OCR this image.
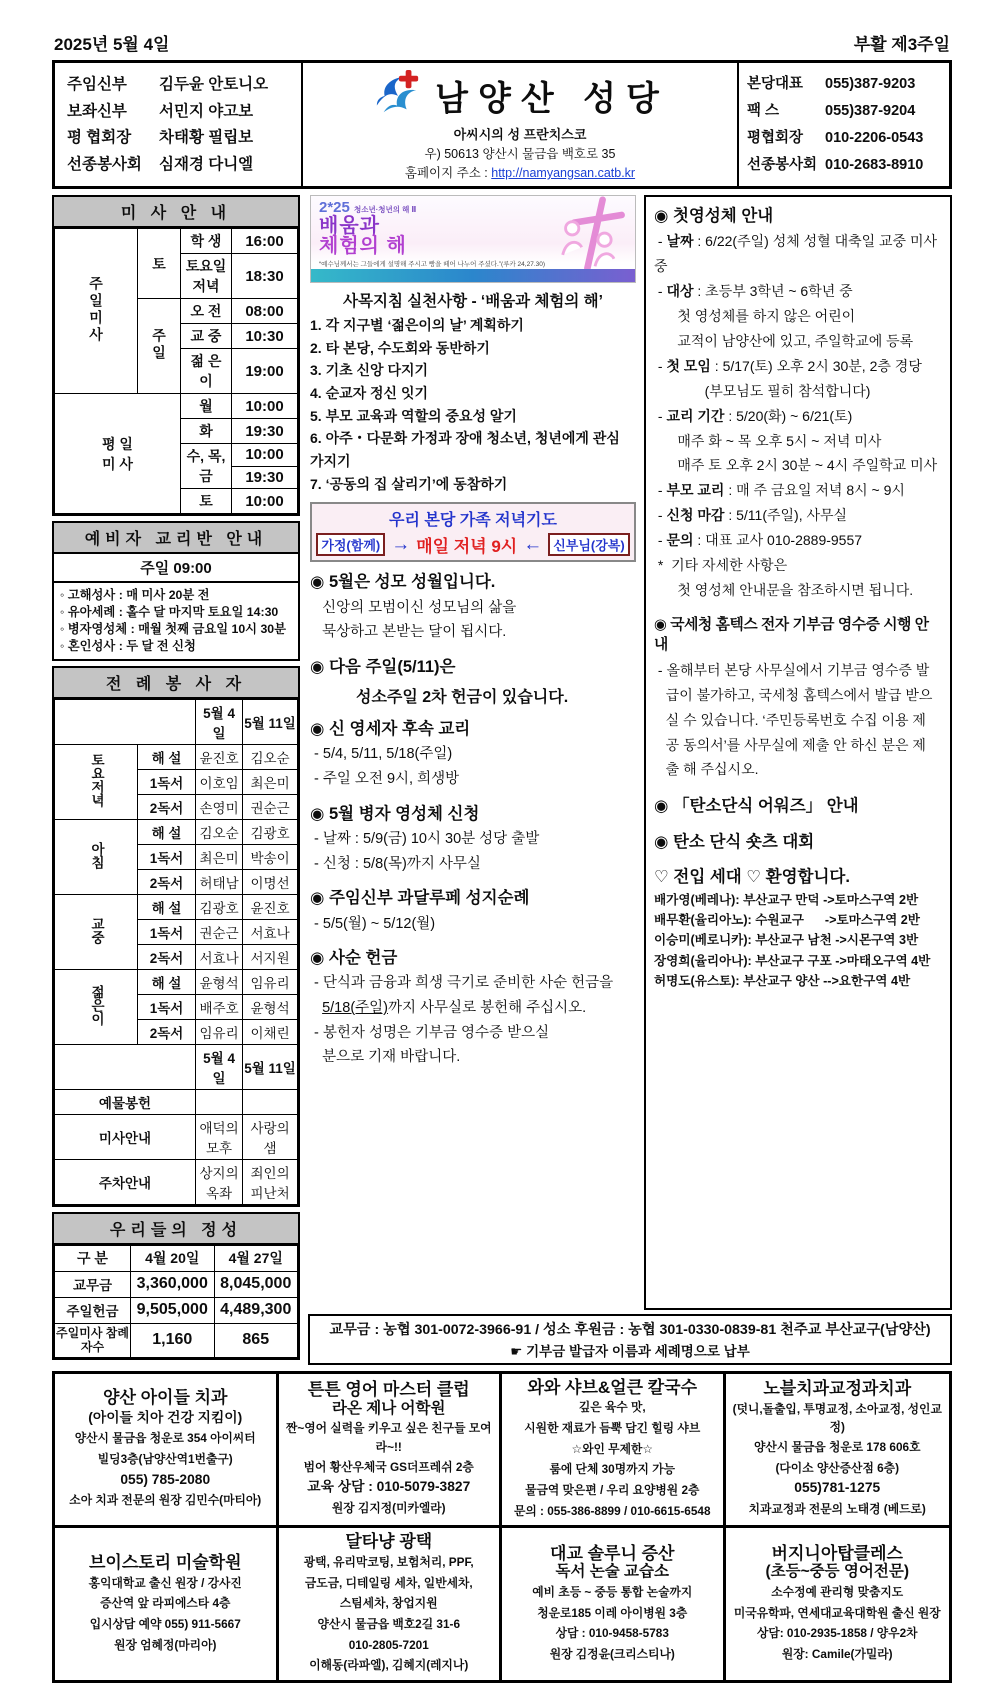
2025년 5월 4일	부활 제3주일
주임신부	김두윤 안토니오
보좌신부	서민지 야고보
평 협회장	차태황 필립보
선종봉사회	심재경 다니엘
남양산 성당
아씨시의 성 프란치스코
우) 50613 양산시 물금읍 백호로 35
홈페이지 주소 : http://namyangsan.catb.kr
본당대표	055)387-9203
팩 스	055)387-9204
평협회장	010-2206-0543
선종봉사회 010-2683-8910
미 사 안 내
주일미사	토	학 생	16:00
		토요일 저녁	18:30
	주일	오 전	08:00
		교 중	10:30
		젊 은 이	19:00

평 일
미 사		월	10:00
		화	19:30
		수, 목, 금	10:00
			19:30
		토	10:00
예비자 교리반 안내
주일 09:00
◦ 고해성사 : 매 미사 20분 전
◦ 유아세례 : 홀수 달 마지막 토요일 14:30
◦ 병자영성체 : 매월 첫째 금요일 10시 30분
◦ 혼인성사 : 두 달 전 신청
전 례 봉 사 자
		5월 4일	5월 11일
토요저녁	해 설	윤진호	김오순
	1독서	이호임	최은미
	2독서	손영미	권순근
아침	해 설	김오순	김광호
	1독서	최은미	박송이
	2독서	허태남	이명선
교중	해 설	김광호	윤진호
	1독서	권순근	서효나
	2독서	서효나	서지원
젊은이	해 설	윤형석	임유리
	1독서	배주호	윤형석
	2독서	임유리	이채린
		5월 4일	5월 11일
예물봉헌			
미사안내		애덕의 모후	사랑의 샘
주차안내		상지의 옥좌	죄인의 피난처
우리들의 정성
구 분	4월 20일	4월 27일
교무금	3,360,000	8,045,000
주일헌금	9,505,000	4,489,300
주일미사 참례자수	1,160	865
2*25 청소년·청년의 해 Ⅱ
배움과
체험의 해
“예수님께서는 그들에게 설명해 주시고 빵을 떼어 나누어 주셨다.”(루카 24,27.30)
사목지침 실천사항 - ‘배움과 체험의 해’
1. 각 지구별 ‘젊은이의 날’ 계획하기
2. 타 본당, 수도회와 동반하기
3. 기초 신앙 다지기
4. 순교자 정신 잇기
5. 부모 교육과 역할의 중요성 알기
6. 아주・다문화 가정과 장애 청소년, 청년에게 관심 가지기
7. ‘공동의 집 살리기’에 동참하기
우리 본당 가족 저녁기도
가정(함께) → 매일 저녁 9시 ← 신부님(강복)
◉ 5월은 성모 성월입니다.
신앙의 모범이신 성모님의 삶을
묵상하고 본받는 달이 됩시다.
◉ 다음 주일(5/11)은
성소주일 2차 헌금이 있습니다.
◉ 신 영세자 후속 교리
- 5/4, 5/11, 5/18(주일)
- 주일 오전 9시, 희생방
◉ 5월 병자 영성체 신청
- 날짜 : 5/9(금) 10시 30분 성당 출발
- 신청 : 5/8(목)까지 사무실
◉ 주임신부 과달루페 성지순례
- 5/5(월) ~ 5/12(월)
◉ 사순 헌금
- 단식과 금융과 희생 극기로 준비한 사순 헌금을
5/18(주일)까지 사무실로 봉헌해 주십시오.
- 봉헌자 성명은 기부금 영수증 받으실
분으로 기재 바랍니다.
◉ 첫영성체 안내
- 날짜 : 6/22(주일) 성체 성혈 대축일 교중 미사 중
- 대상 : 초등부 3학년 ~ 6학년 중
첫 영성체를 하지 않은 어린이
교적이 남양산에 있고, 주일학교에 등록
- 첫 모임 : 5/17(토) 오후 2시 30분, 2층 경당
(부모님도 필히 참석합니다)
- 교리 기간 : 5/20(화) ~ 6/21(토)
매주 화 ~ 목 오후 5시 ~ 저녁 미사
매주 토 오후 2시 30분 ~ 4시 주일학교 미사
- 부모 교리 : 매 주 금요일 저녁 8시 ~ 9시
- 신청 마감 : 5/11(주일), 사무실
- 문의 : 대표 교사 010-2889-9557
*  기타 자세한 사항은
첫 영성체 안내문을 참조하시면 됩니다.
◉ 국세청 홈텍스 전자 기부금 영수증 시행 안내
- 올해부터 본당 사무실에서 기부금 영수증 발
급이 불가하고, 국세청 홈텍스에서 발급 받으
실 수 있습니다. ‘주민등록번호 수집 이용 제
공 동의서’를 사무실에 제출 안 하신 분은 제
출 해 주십시오.
◉ 「탄소단식 어워즈」 안내
◉ 탄소 단식 숏츠 대회
♡ 전입 세대 ♡ 환영합니다.
배가영(베레나): 부산교구 만덕 ->토마스구역 2반
배무환(율리아노): 수원교구      ->토마스구역 2반
이승미(베로니카): 부산교구 남천 ->시몬구역 3반
장영희(율리아나): 부산교구 구포 ->마태오구역 4반
허명도(유스토): 부산교구 양산 -->요한구역 4반
교무금 : 농협 301-0072-3966-91 / 성소 후원금 : 농협 301-0330-0839-81 천주교 부산교구(남양산)
☛ 기부금 발급자 이름과 세례명으로 납부
양산 아이들 치과
(아이들 치아 건강 지킴이)
양산시 물금읍 청운로 354 아이씨터
빌딩3층(남양산역1번출구)
055) 785-2080
소아 치과 전문의 원장 김민수(마티아)
튼튼 영어 마스터 클럽
라온 제나 어학원
짠~영어 실력을 키우고 싶은 친구들 모여라~!!
범어 황산우체국 GS더프레쉬 2층
교육 상담 : 010-5079-3827
원장 김지정(미카엘라)
와와 샤브&얼큰 칼국수
깊은 육수 맛,
시원한 재료가 듬뿍 담긴 힐링 샤브
☆와인 무제한☆
룸에 단체 30명까지 가능
물금역 맞은편 / 우리 요양병원 2층
문의 : 055-386-8899 / 010-6615-6548
노블치과교정과치과
(덧니,돌출입, 투명교정, 소아교정, 성인교정)
양산시 물금읍 청운로 178 606호
(다이소 양산증산점 6층)
055)781-1275
치과교정과 전문의 노태경 (베드로)
브이스토리 미술학원
홍익대학교 출신 원장 / 강사진
증산역 앞 라피에스타 4층
입시상담 예약 055) 911-5667
원장 엄혜정(마리아)
달타냥 광택
광택, 유리막코팅, 보험처리, PPF,
금도금, 디테일링 세차, 일반세차,
스팀세차, 창업지원
양산시 물금읍 백호2길 31-6
010-2805-7201
이해동(라파엘), 김혜지(레지나)
대교 솔루니 증산
독서 논술 교습소
예비 초등 ~ 중등 통합 논술까지
청운로185 이레 아이병원 3층
상담 : 010-9458-5783
원장 김정윤(크리스티나)
버지니아탑클레스
(초등~중등 영어전문)
소수정예 관리형 맞춤지도
미국유학파, 연세대교육대학원 출신 원장
상담: 010-2935-1858 / 양우2차
원장: Camile(가밀라)
